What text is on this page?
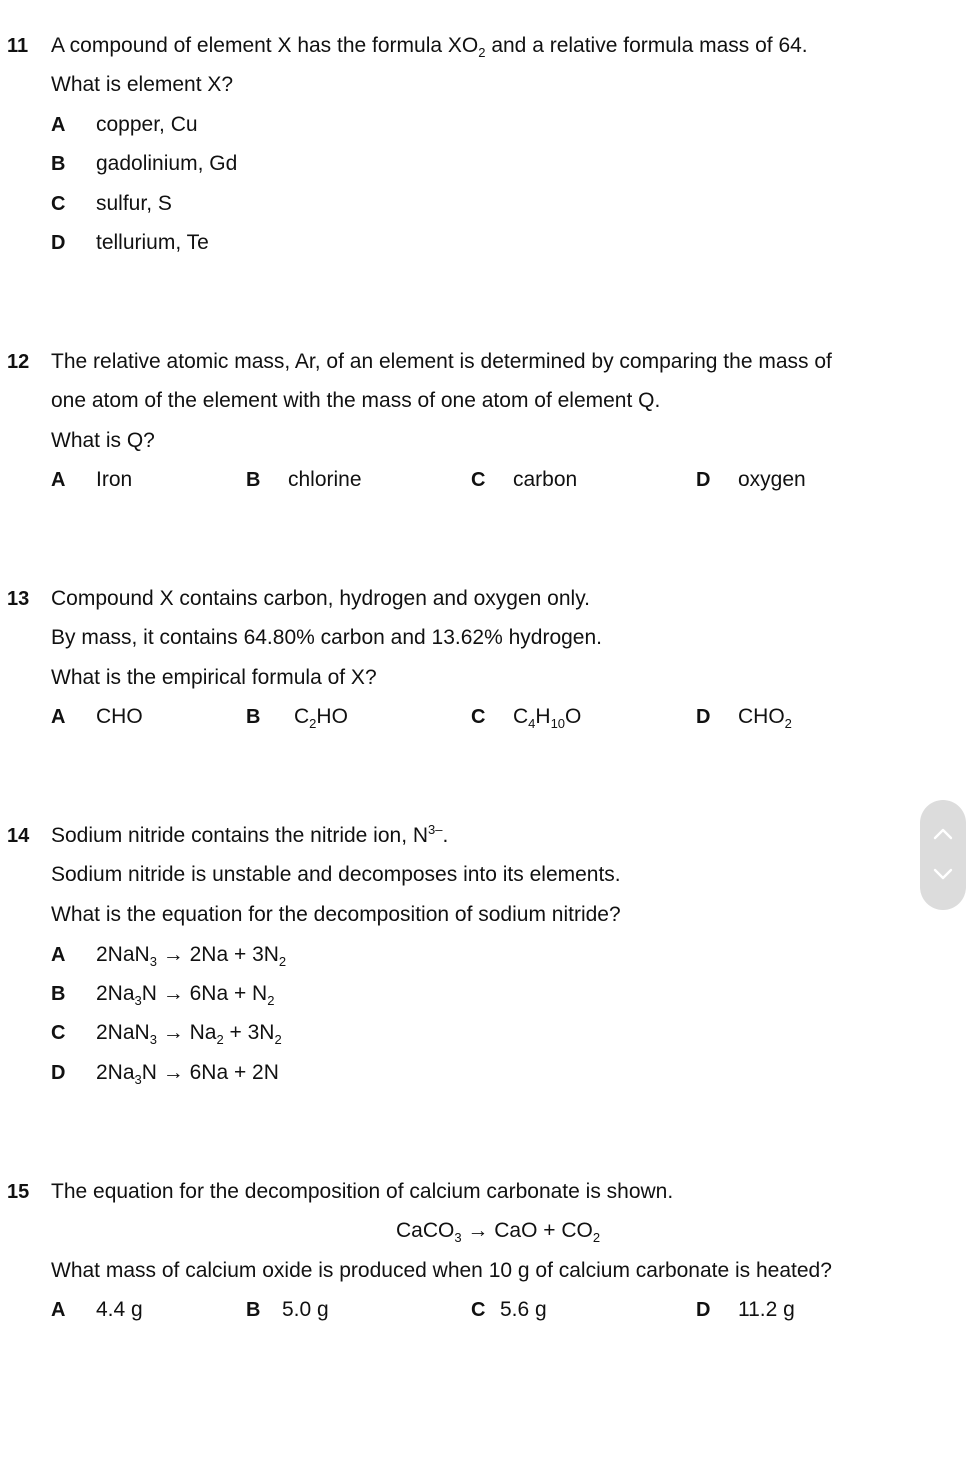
11 A compound of element X has the formula $XO_2$ and a relative formula mass of 64.
What is element X?
A copper, Cu
B gadolinium, Gd
C sulfur, S
D tellurium, Te
12 The relative atomic mass, Ar, of an element is determined by comparing the mass of
one atom of the element with the mass of one atom of element Q.
What is Q?
A Iron	B chlorine	C carbon	D oxygen
13 Compound X contains carbon, hydrogen and oxygen only.
By mass, it contains 64.80% carbon and 13.62% hydrogen.
What is the empirical formula of X?
A CHO	B $C_2HO$	C $C_4H_{10}O$	D $CHO_2$
14 Sodium nitride contains the nitride ion, $N^{3-}$.
Sodium nitride is unstable and decomposes into its elements.
What is the equation for the decomposition of sodium nitride?
A $2NaN_3 \to 2Na + 3N_2$
B $2Na_3N \to 6Na + N_2$
C $2NaN_3 \to Na_2 + 3N_2$
D $2Na_3N \to 6Na + 2N$
15 The equation for the decomposition of calcium carbonate is shown.
CaCO$_3$ → CaO + $CO_2$
What mass of calcium oxide is produced when 10 g of calcium carbonate is heated?
A 4.4 g	B 5.0 g	C 5.6 g	D 11.2 g
